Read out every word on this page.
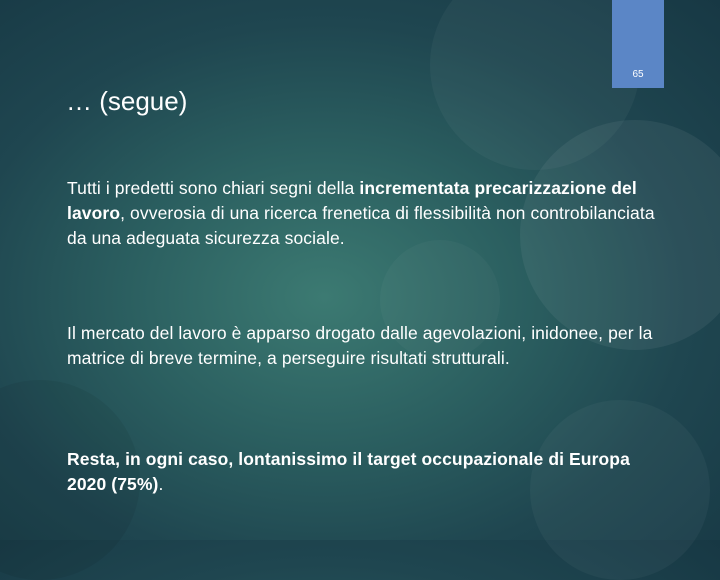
65
… (segue)

Tutti i predetti sono chiari segni della incrementata precarizzazione del lavoro, ovverosia di una ricerca frenetica di flessibilità non controbilanciata da una adeguata sicurezza sociale.

Il mercato del lavoro è apparso drogato dalle agevolazioni, inidonee, per la matrice di breve termine, a perseguire risultati strutturali.

Resta, in ogni caso, lontanissimo il target occupazionale di Europa 2020 (75%).
